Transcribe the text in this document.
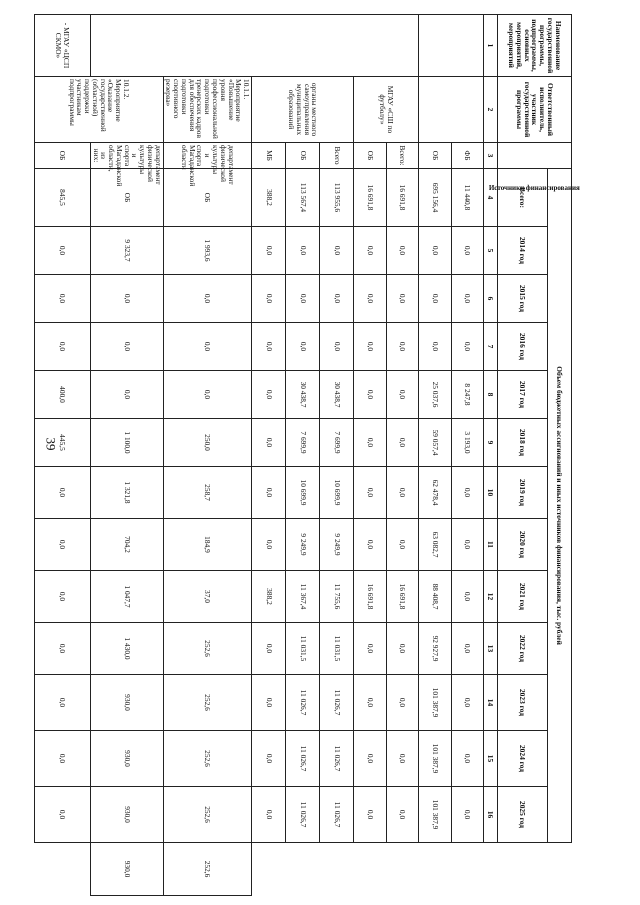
39
Наименование государственной программы, подпрограммы, основных мероприятий, мероприятий	Ответственный исполнитель, участник государственной программы	Источники финансирования	Объем бюджетных ассигнований и иных источников финансирования, тыс. рублей													
			Всего:	2014 год	2015 год	2016 год	2017 год	2018 год	2019 год	2020 год	2021 год	2022 год	2023 год	2024 год	2025 год	
1	2	3	4	5	6	7	8	9	10	11	12	13	14	15	16	
		ФБ	11 440,8	0,0	0,0	0,0	8 247,8	3 193,0	0,0	0,0	0,0	0,0	0,0	0,0	0,0	
		ОБ	695 156,4	0,0	0,0	0,0	25 037,6	59 057,4	62 478,4	63 082,7	88 408,7	92 927,9	101 387,9	101 387,9	101 387,9	
	МГАУ «СШ по футболу»	Всего:	16 691,8	0,0	0,0	0,0	0,0	0,0	0,0	0,0	16 691,8	0,0	0,0	0,0	0,0	
		ОБ	16 691,8	0,0	0,0	0,0	0,0	0,0	0,0	0,0	16 691,8	0,0	0,0	0,0	0,0	
	органы местного самоуправления муниципальных образований	Всего	113 955,6	0,0	0,0	0,0	30 438,7	7 699,9	10 699,9	9 249,9	11 755,6	11 031,5	11 026,7	11 026,7	11 026,7	
		ОБ	113 567,4	0,0	0,0	0,0	30 438,7	7 699,9	10 699,9	9 249,9	11 367,4	11 031,5	11 026,7	11 026,7	11 026,7	
		МБ	388,2	0,0	0,0	0,0	0,0	0,0	0,0	0,0	388,2	0,0	0,0	0,0	0,0	
	10.1.1. Мероприятие «Повышение уровня профессиональной подготовки тренерских кадров для обеспечения подготовки спортивного резерва»	департамент физической культуры и спорта Магаданской области	ОБ	1 993,6	0,0	0,0	0,0	250,0	258,7	184,9	37,0	252,6	252,6	252,6	252,6	252,6
	10.1.2. Мероприятие «Оказание государственной (областной) поддержки участникам подпрограммы	департамент физической культуры и спорта Магаданской области, из них:	ОБ	9 323,7	0,0	0,0	0,0	1 100,0	1 321,8	704,2	1 047,7	1 430,0	930,0	930,0	930,0	930,0
- МГАУ «ЦСП СКМО»		ОБ	845,5	0,0	0,0	0,0	400,0	445,5	0,0	0,0	0,0	0,0	0,0	0,0	0,0	
